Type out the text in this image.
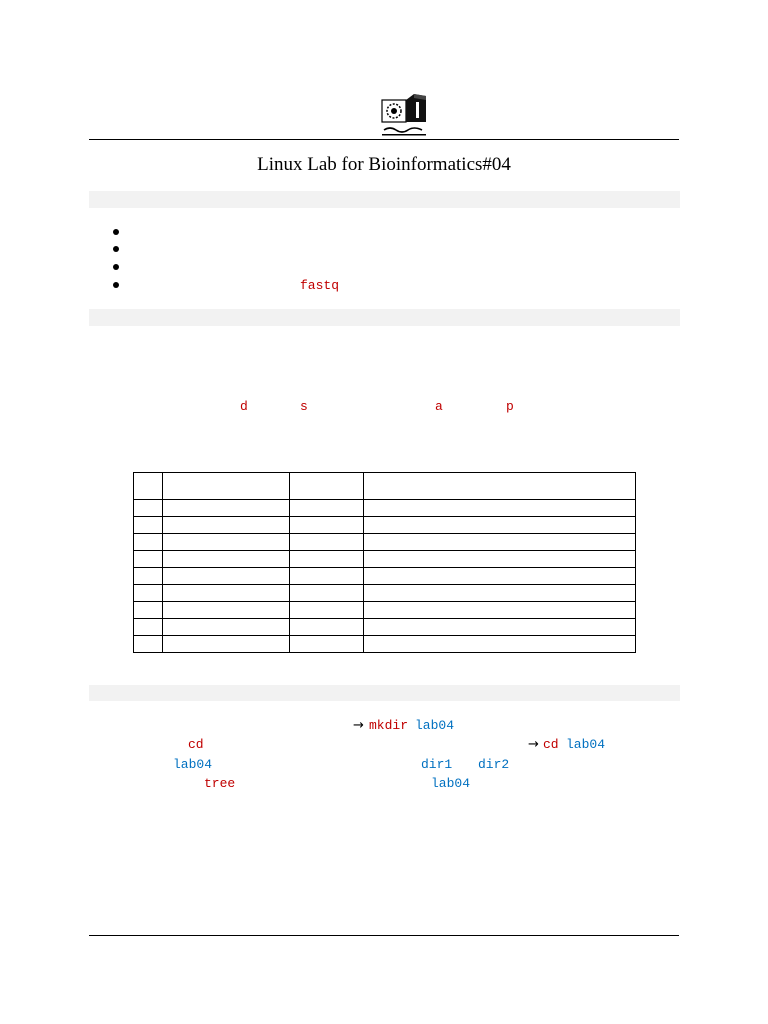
Linux Lab for Bioinformatics#04
fastq
d	s	a	p

→ mkdir lab04
cd	→ cd lab04
lab04	dir1 dir2
tree	lab04
